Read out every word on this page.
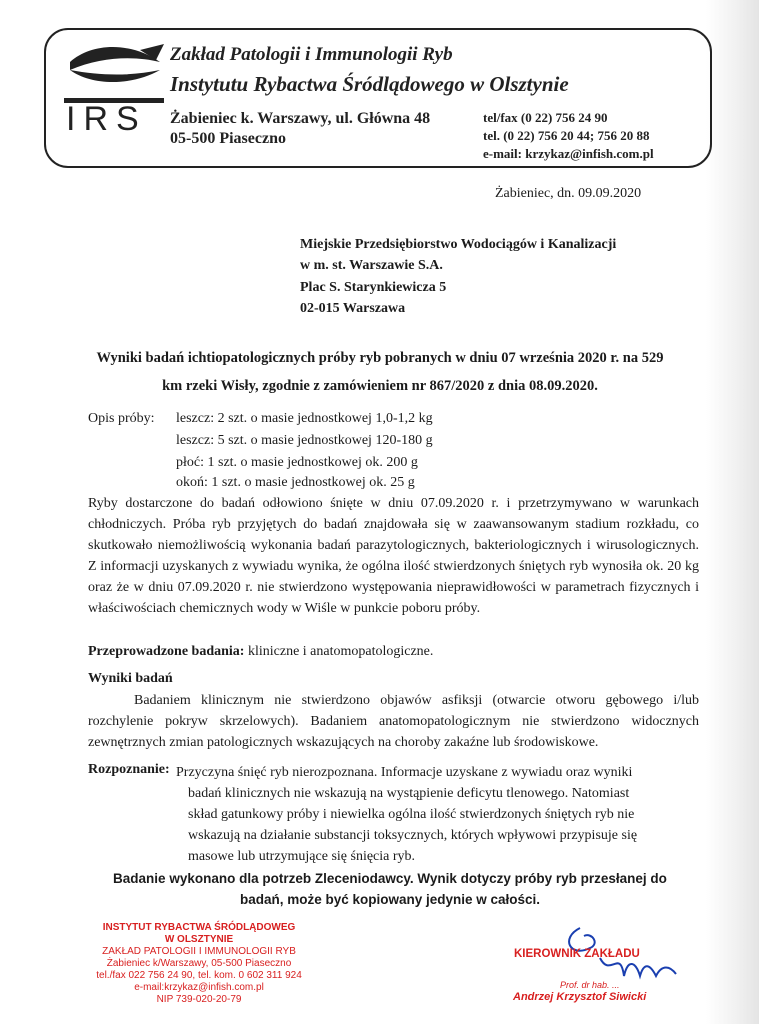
IRS
Zakład Patologii i Immunologii Ryb
Instytutu Rybactwa Śródlądowego w Olsztynie
Żabieniec k. Warszawy, ul. Główna 48
05-500 Piaseczno
tel/fax (0 22) 756 24 90
tel. (0 22) 756 20 44; 756 20 88
e-mail: krzykaz@infish.com.pl
Żabieniec, dn. 09.09.2020
Miejskie Przedsiębiorstwo Wodociągów i Kanalizacji
w m. st. Warszawie S.A.
Plac S. Starynkiewicza 5
02-015 Warszawa
Wyniki badań ichtiopatologicznych próby ryb pobranych w dniu 07 września 2020 r. na 529
km rzeki Wisły, zgodnie z zamówieniem nr 867/2020 z dnia 08.09.2020.
Opis próby: leszcz: 2 szt. o masie jednostkowej 1,0-1,2 kg
leszcz: 5 szt. o masie jednostkowej 120-180 g
płoć: 1 szt. o masie jednostkowej ok. 200 g
okoń: 1 szt. o masie jednostkowej ok. 25 g
Ryby dostarczone do badań odłowiono śnięte w dniu 07.09.2020 r. i przetrzymywano w warunkach chłodniczych. Próba ryb przyjętych do badań znajdowała się w zaawansowanym stadium rozkładu, co skutkowało niemożliwością wykonania badań parazytologicznych, bakteriologicznych i wirusologicznych. Z informacji uzyskanych z wywiadu wynika, że ogólna ilość stwierdzonych śniętych ryb wynosiła ok. 20 kg oraz że w dniu 07.09.2020 r. nie stwierdzono występowania nieprawidłowości w parametrach fizycznych i właściwościach chemicznych wody w Wiśle w punkcie poboru próby.
Przeprowadzone badania: kliniczne i anatomopatologiczne.
Wyniki badań
Badaniem klinicznym nie stwierdzono objawów asfiksji (otwarcie otworu gębowego i/lub rozchylenie pokryw skrzelowych). Badaniem anatomopatologicznym nie stwierdzono widocznych zewnętrznych zmian patologicznych wskazujących na choroby zakaźne lub środowiskowe.
Rozpoznanie: Przyczyna śnięć ryb nierozpoznana. Informacje uzyskane z wywiadu oraz wyniki
badań klinicznych nie wskazują na wystąpienie deficytu tlenowego. Natomiast
skład gatunkowy próby i niewielka ogólna ilość stwierdzonych śniętych ryb nie
wskazują na działanie substancji toksycznych, których wpływowi przypisuje się
masowe lub utrzymujące się śnięcia ryb.
Badanie wykonano dla potrzeb Zleceniodawcy. Wynik dotyczy próby ryb przesłanej do
badań, może być kopiowany jedynie w całości.
INSTYTUT RYBACTWA ŚRÓDLĄDOWEG
W OLSZTYNIE
ZAKŁAD PATOLOGII I IMMUNOLOGII RYB
Żabieniec k/Warszawy, 05-500 Piaseczno
tel./fax 022 756 24 90, tel. kom. 0 602 311 924
e-mail:krzykaz@infish.com.pl
NIP 739-020-20-79
KIEROWNIK ZAKŁADU
Prof. dr hab. ...
Andrzej Krzysztof Siwicki
